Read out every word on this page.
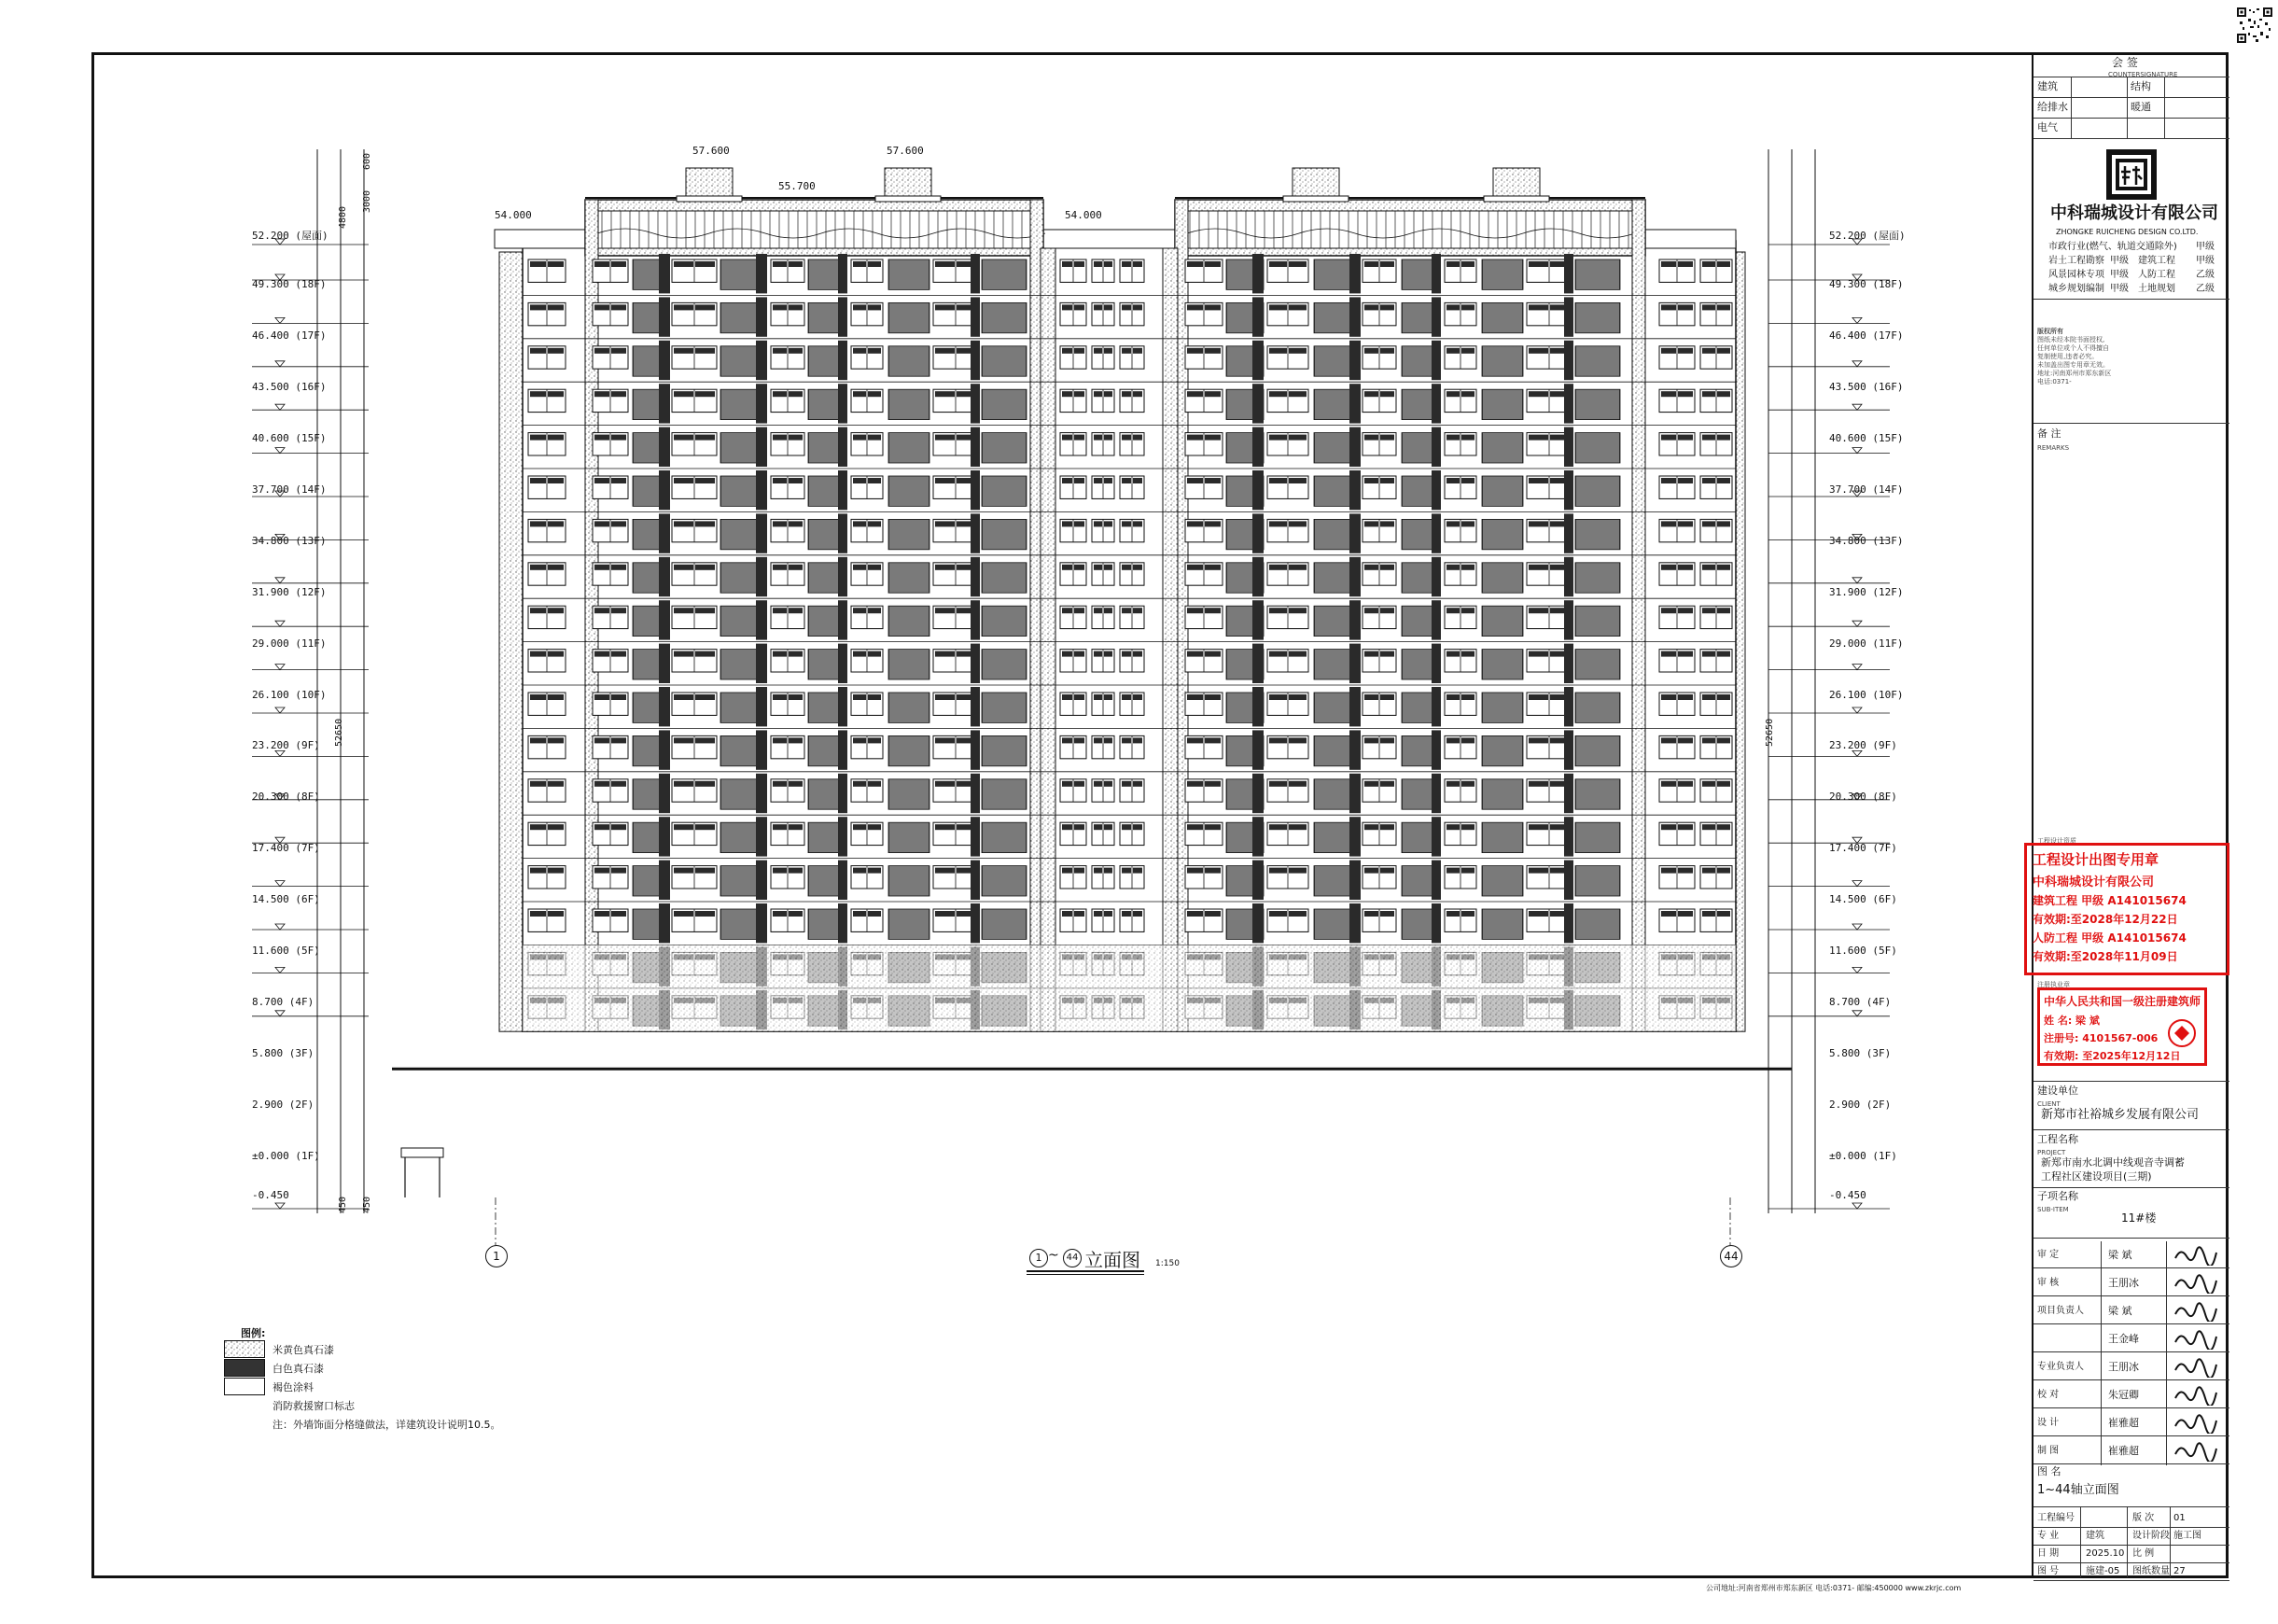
52.200 (屋面)
49.300 (18F)
46.400 (17F)
43.500 (16F)
40.600 (15F)
37.700 (14F)
34.800 (13F)
31.900 (12F)
29.000 (11F)
26.100 (10F)
23.200 (9F)
20.300 (8F)
17.400 (7F)
14.500 (6F)
11.600 (5F)
8.700 (4F)
5.800 (3F)
2.900 (2F)
±0.000 (1F)
-0.450
52.200 (屋面)
49.300 (18F)
46.400 (17F)
43.500 (16F)
40.600 (15F)
37.700 (14F)
34.800 (13F)
31.900 (12F)
29.000 (11F)
26.100 (10F)
23.200 (9F)
20.300 (8F)
17.400 (7F)
14.500 (6F)
11.600 (5F)
8.700 (4F)
5.800 (3F)
2.900 (2F)
±0.000 (1F)
-0.450
57.600	57.600
55.700
54.000	54.000
52650	52650
600
3000
4800
450 450
1	44
1 ~ 44 立面图 1:150
图例:
米黄色真石漆
白色真石漆
褐色涂料
消防救援窗口标志
注：外墙饰面分格缝做法，详建筑设计说明10.5。
会 签
COUNTERSIGNATURE
建筑	结构
给排水	暖通
电气
中科瑞城设计有限公司
ZHONGKE RUICHENG DESIGN CO.LTD.
市政行业(燃气、轨道交通除外) 甲级
岩土工程勘察 甲级 建筑工程 甲级
风景园林专项 甲级 人防工程 乙级
城乡规划编制 甲级 土地规划 乙级
版权所有
图纸未经本院书面授权,
任何单位或个人不得擅自
复制使用,违者必究。
未加盖出图专用章无效。
地址:河南郑州市郑东新区
电话:0371-
备 注
REMARKS
工程设计资质
工程设计出图专用章
中科瑞城设计有限公司
建筑工程 甲级 A141015674
有效期:至2028年12月22日
人防工程 甲级 A141015674
有效期:至2028年11月09日
注册执业章
中华人民共和国一级注册建筑师
姓 名: 梁 斌
注册号: 4101567-006
有效期: 至2025年12月12日
建设单位
CLIENT
新郑市社裕城乡发展有限公司
工程名称
PROJECT
新郑市南水北调中线观音寺调蓄
工程社区建设项目(三期)
子项名称
SUB-ITEM
11#楼
审 定	梁 斌
审 核	王朋冰
项目负责人 梁 斌
王金峰
专业负责人 王朋冰
校 对	朱冠卿
设 计	崔雅超
制 图	崔雅超
图 名
1~44轴立面图
工程编号	版 次 01
专 业	建筑	设计阶段 施工图
日 期	2025.10 比 例
图 号	施建-05 图纸数量 27
公司地址:河南省郑州市郑东新区 电话:0371- 邮编:450000 www.zkrjc.com
